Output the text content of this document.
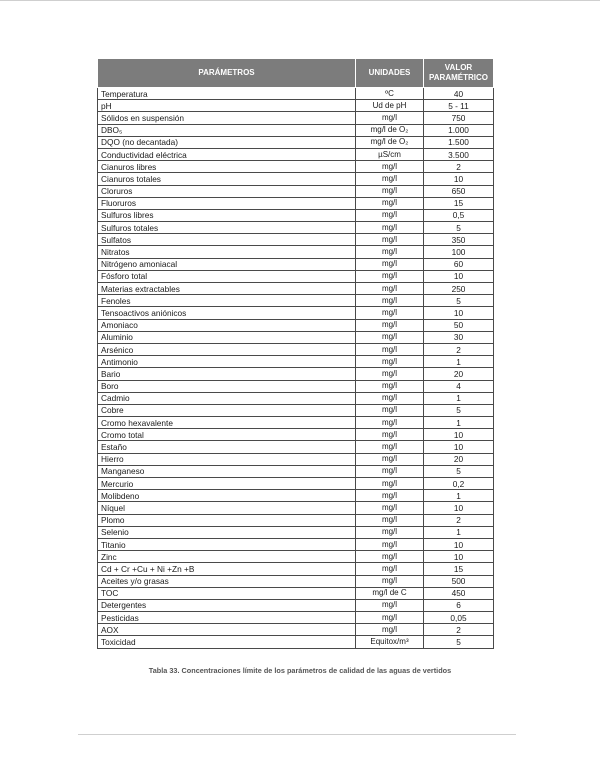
PARÁMETROS	UNIDADES	VALOR
PARAMÉTRICO
Temperatura	ºC	40
pH	Ud de pH	5 - 11
Sólidos en suspensión	mg/l	750
DBO₅	mg/l de O₂	1.000
DQO (no decantada)	mg/l de O₂	1.500
Conductividad eléctrica	µS/cm	3.500
Cianuros libres	mg/l	2
Cianuros totales	mg/l	10
Cloruros	mg/l	650
Fluoruros	mg/l	15
Sulfuros libres	mg/l	0,5
Sulfuros totales	mg/l	5
Sulfatos	mg/l	350
Nitratos	mg/l	100
Nitrógeno amoniacal	mg/l	60
Fósforo total	mg/l	10
Materias extractables	mg/l	250
Fenoles	mg/l	5
Tensoactivos aniónicos	mg/l	10
Amoniaco	mg/l	50
Aluminio	mg/l	30
Arsénico	mg/l	2
Antimonio	mg/l	1
Bario	mg/l	20
Boro	mg/l	4
Cadmio	mg/l	1
Cobre	mg/l	5
Cromo hexavalente	mg/l	1
Cromo total	mg/l	10
Estaño	mg/l	10
Hierro	mg/l	20
Manganeso	mg/l	5
Mercurio	mg/l	0,2
Molibdeno	mg/l	1
Níquel	mg/l	10
Plomo	mg/l	2
Selenio	mg/l	1
Titanio	mg/l	10
Zinc	mg/l	10
Cd + Cr +Cu + Ni +Zn +B	mg/l	15
Aceites y/o grasas	mg/l	500
TOC	mg/l de C	450
Detergentes	mg/l	6
Pesticidas	mg/l	0,05
AOX	mg/l	2
Toxicidad	Equitox/m³	5
Tabla 33. Concentraciones límite de los parámetros de calidad de las aguas de vertidos
